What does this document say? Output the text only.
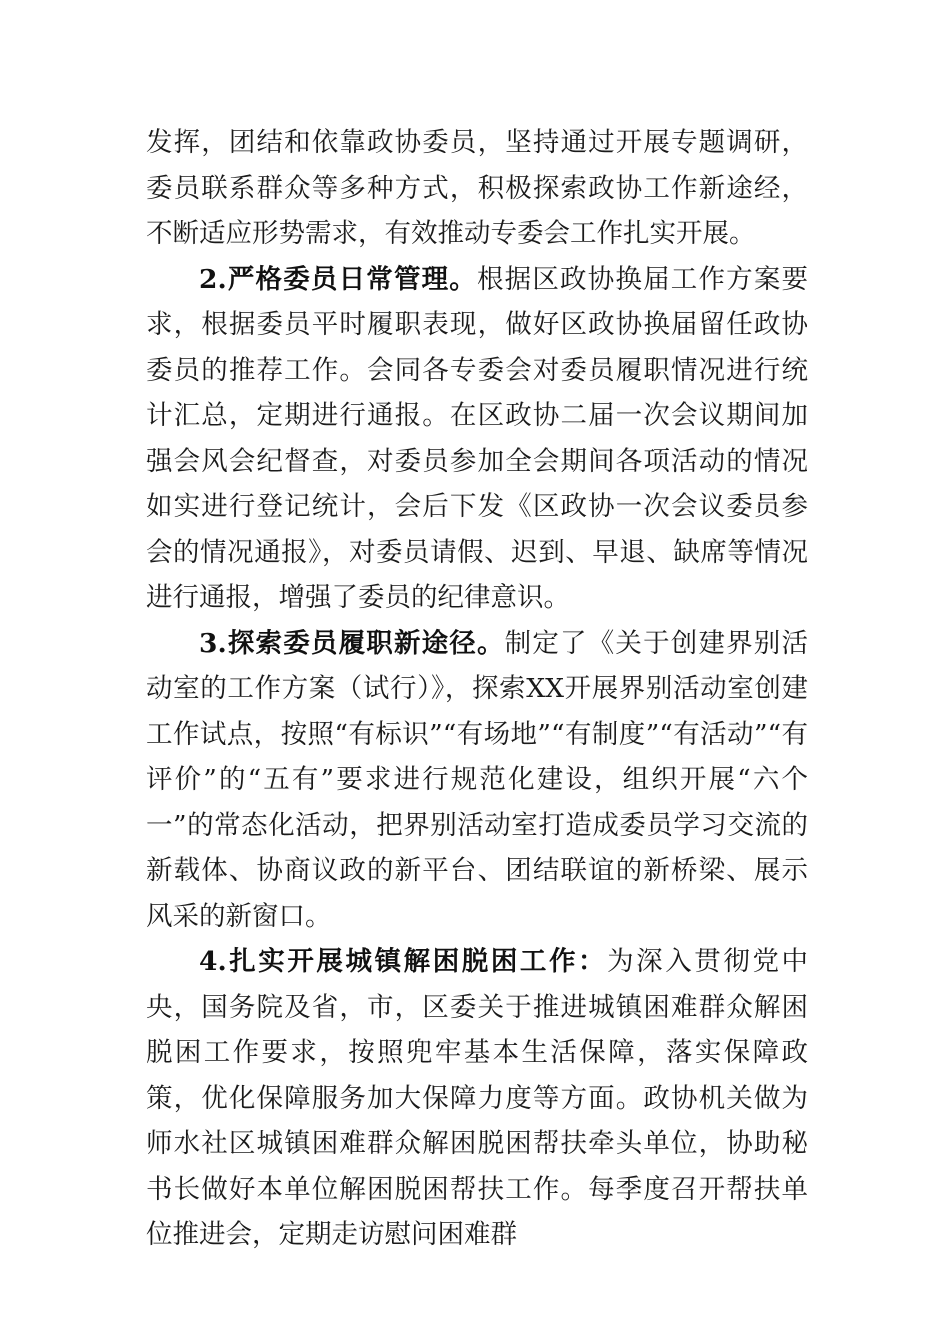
发挥，团结和依靠政协委员，坚持通过开展专题调研，委员联系群众等多种方式，积极探索政协工作新途经，不断适应形势需求，有效推动专委会工作扎实开展。

2.严格委员日常管理。根据区政协换届工作方案要求，根据委员平时履职表现，做好区政协换届留任政协委员的推荐工作。会同各专委会对委员履职情况进行统计汇总，定期进行通报。在区政协二届一次会议期间加强会风会纪督查，对委员参加全会期间各项活动的情况如实进行登记统计，会后下发《区政协一次会议委员参会的情况通报》，对委员请假、迟到、早退、缺席等情况进行通报，增强了委员的纪律意识。

3.探索委员履职新途径。制定了《关于创建界别活动室的工作方案（试行）》，探索XX开展界别活动室创建工作试点，按照“有标识”“有场地”“有制度”“有活动”“有评价”的“五有”要求进行规范化建设，组织开展“六个一”的常态化活动，把界别活动室打造成委员学习交流的新载体、协商议政的新平台、团结联谊的新桥梁、展示风采的新窗口。

4.扎实开展城镇解困脱困工作：为深入贯彻党中央，国务院及省，市，区委关于推进城镇困难群众解困脱困工作要求，按照兜牢基本生活保障，落实保障政策，优化保障服务加大保障力度等方面。政协机关做为师水社区城镇困难群众解困脱困帮扶牵头单位，协助秘书长做好本单位解困脱困帮扶工作。每季度召开帮扶单位推进会，定期走访慰问困难群
